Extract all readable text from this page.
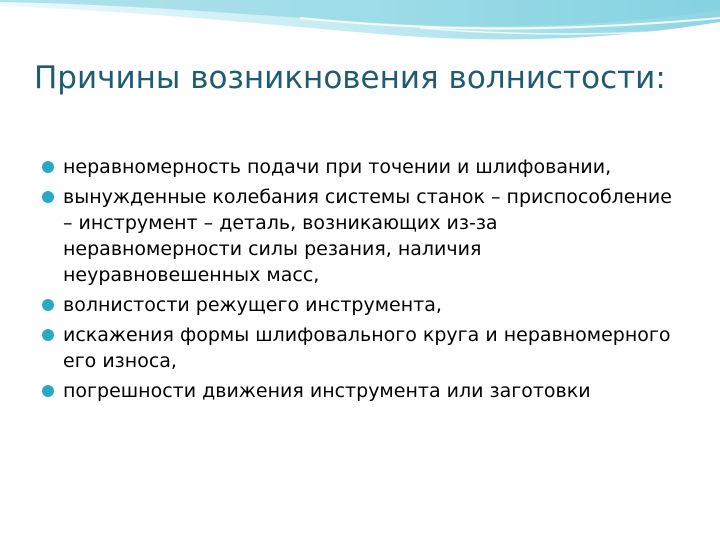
Причины возникновения волнистости:
неравномерность подачи при точении и шлифовании,
вынужденные колебания системы станок – приспособление – инструмент – деталь, возникающих из-за неравномерности силы резания, наличия неуравновешенных масс,
волнистости режущего инструмента,
искажения формы шлифовального круга и неравномерного его износа,
погрешности движения инструмента или заготовки
